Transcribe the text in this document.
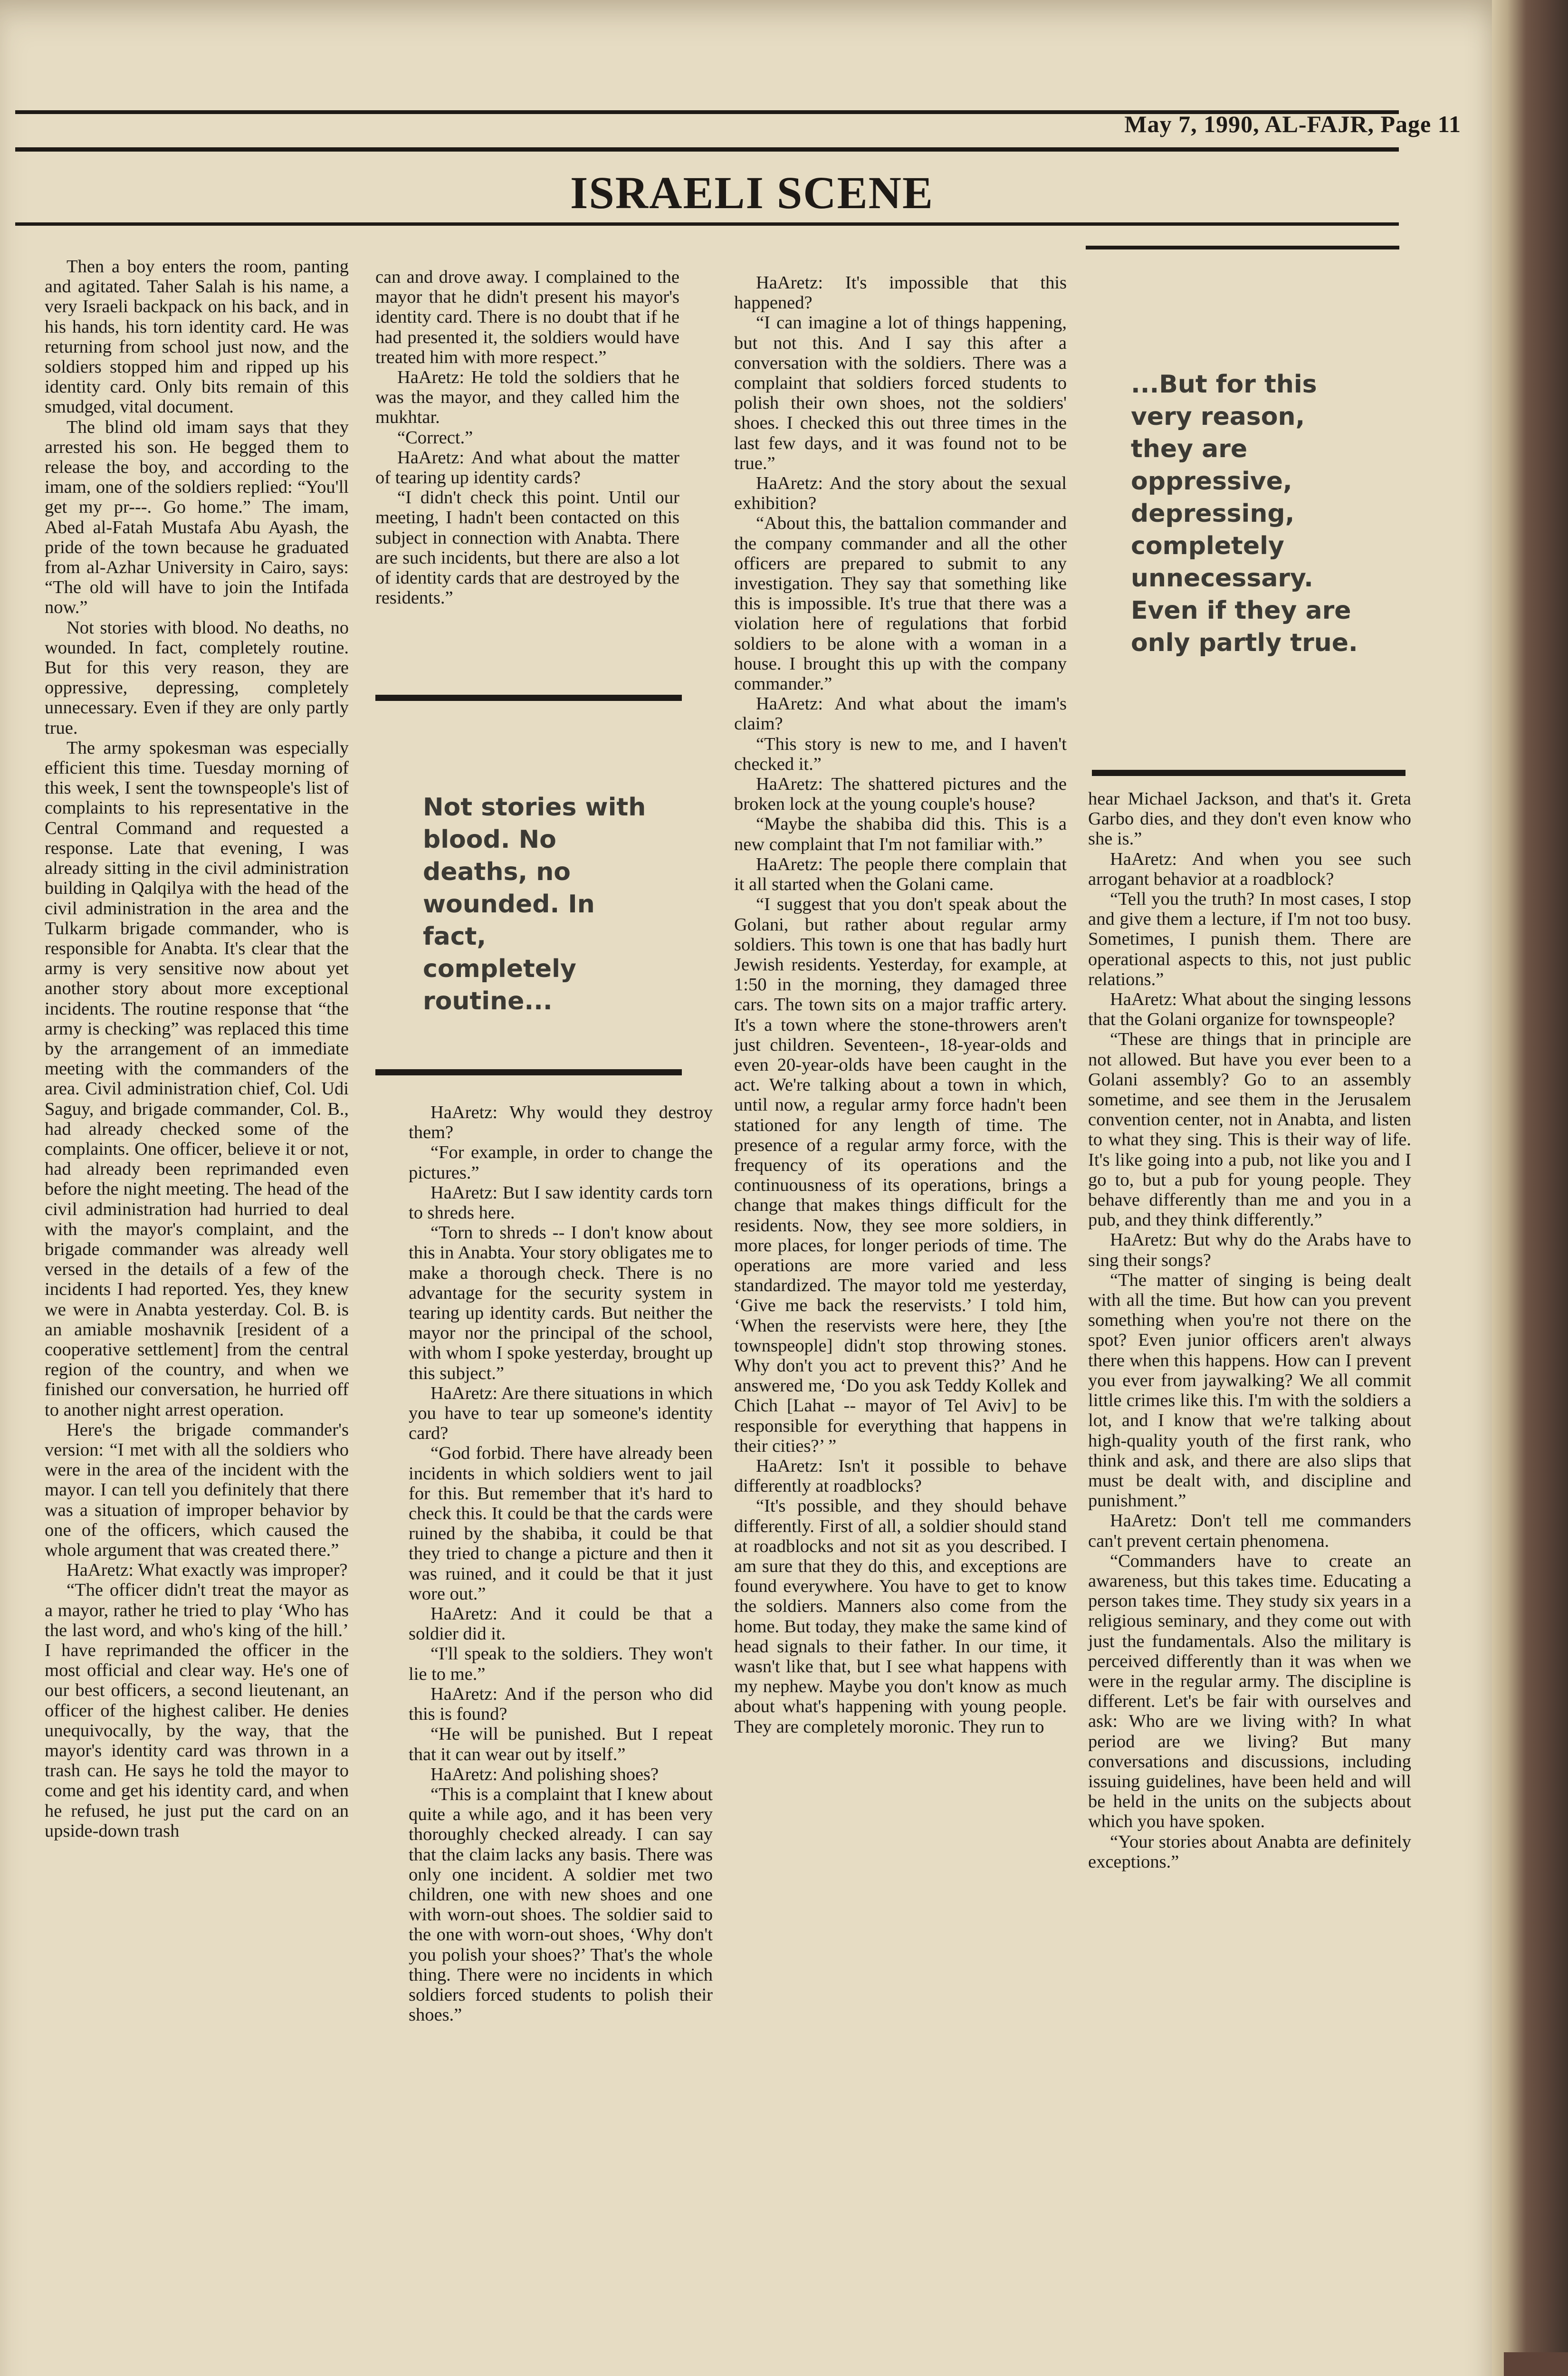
May 7, 1990, AL-FAJR, Page 11
ISRAELI SCENE

Then a boy enters the room, panting and agitated. Taher Salah is his name, a very Israeli backpack on his back, and in his hands, his torn identity card. He was returning from school just now, and the soldiers stopped him and ripped up his identity card. Only bits remain of this smudged, vital document.

The blind old imam says that they arrested his son. He begged them to release the boy, and according to the imam, one of the soldiers replied: “You'll get my pr---. Go home.” The imam, Abed al-Fatah Mustafa Abu Ayash, the pride of the town because he graduated from al-Azhar University in Cairo, says: “The old will have to join the Intifada now.”

Not stories with blood. No deaths, no wounded. In fact, completely routine. But for this very reason, they are oppressive, depressing, completely unnecessary. Even if they are only partly true.

The army spokesman was especially efficient this time. Tuesday morning of this week, I sent the townspeople's list of complaints to his representative in the Central Command and requested a response. Late that evening, I was already sitting in the civil administration building in Qalqilya with the head of the civil administration in the area and the Tulkarm brigade commander, who is responsible for Anabta. It's clear that the army is very sensitive now about yet another story about more exceptional incidents. The routine response that “the army is checking” was replaced this time by the arrangement of an immediate meeting with the commanders of the area. Civil administration chief, Col. Udi Saguy, and brigade commander, Col. B., had already checked some of the complaints. One officer, believe it or not, had already been reprimanded even before the night meeting. The head of the civil administration had hurried to deal with the mayor's complaint, and the brigade commander was already well versed in the details of a few of the incidents I had reported. Yes, they knew we were in Anabta yesterday. Col. B. is an amiable moshavnik [resident of a cooperative settlement] from the central region of the country, and when we finished our conversation, he hurried off to another night arrest operation.

Here's the brigade commander's version: “I met with all the soldiers who were in the area of the incident with the mayor. I can tell you definitely that there was a situation of improper behavior by one of the officers, which caused the whole argument that was created there.”

HaAretz: What exactly was improper?

“The officer didn't treat the mayor as a mayor, rather he tried to play ‘Who has the last word, and who's king of the hill.’ I have reprimanded the officer in the most official and clear way. He's one of our best officers, a second lieutenant, an officer of the highest caliber. He denies unequivocally, by the way, that the mayor's identity card was thrown in a trash can. He says he told the mayor to come and get his identity card, and when he refused, he just put the card on an upside-down trash

can and drove away. I complained to the mayor that he didn't present his mayor's identity card. There is no doubt that if he had presented it, the soldiers would have treated him with more respect.”

HaAretz: He told the soldiers that he was the mayor, and they called him the mukhtar.

“Correct.”

HaAretz: And what about the matter of tearing up identity cards?

“I didn't check this point. Until our meeting, I hadn't been contacted on this subject in connection with Anabta. There are such incidents, but there are also a lot of identity cards that are destroyed by the residents.”

Not stories with blood. No deaths, no wounded. In fact, completely routine...

HaAretz: Why would they destroy them?

“For example, in order to change the pictures.”

HaAretz: But I saw identity cards torn to shreds here.

“Torn to shreds -- I don't know about this in Anabta. Your story obligates me to make a thorough check. There is no advantage for the security system in tearing up identity cards. But neither the mayor nor the principal of the school, with whom I spoke yesterday, brought up this subject.”

HaAretz: Are there situations in which you have to tear up someone's identity card?

“God forbid. There have already been incidents in which soldiers went to jail for this. But remember that it's hard to check this. It could be that the cards were ruined by the shabiba, it could be that they tried to change a picture and then it was ruined, and it could be that it just wore out.”

HaAretz: And it could be that a soldier did it.

“I'll speak to the soldiers. They won't lie to me.”

HaAretz: And if the person who did this is found?

“He will be punished. But I repeat that it can wear out by itself.”

HaAretz: And polishing shoes?

“This is a complaint that I knew about quite a while ago, and it has been very thoroughly checked already. I can say that the claim lacks any basis. There was only one incident. A soldier met two children, one with new shoes and one with worn-out shoes. The soldier said to the one with worn-out shoes, ‘Why don't you polish your shoes?’ That's the whole thing. There were no incidents in which soldiers forced students to polish their shoes.”

HaAretz: It's impossible that this happened?

“I can imagine a lot of things happening, but not this. And I say this after a conversation with the soldiers. There was a complaint that soldiers forced students to polish their own shoes, not the soldiers' shoes. I checked this out three times in the last few days, and it was found not to be true.”

HaAretz: And the story about the sexual exhibition?

“About this, the battalion commander and the company commander and all the other officers are prepared to submit to any investigation. They say that something like this is impossible. It's true that there was a violation here of regulations that forbid soldiers to be alone with a woman in a house. I brought this up with the company commander.”

HaAretz: And what about the imam's claim?

“This story is new to me, and I haven't checked it.”

HaAretz: The shattered pictures and the broken lock at the young couple's house?

“Maybe the shabiba did this. This is a new complaint that I'm not familiar with.”

HaAretz: The people there complain that it all started when the Golani came.

“I suggest that you don't speak about the Golani, but rather about regular army soldiers. This town is one that has badly hurt Jewish residents. Yesterday, for example, at 1:50 in the morning, they damaged three cars. The town sits on a major traffic artery. It's a town where the stone-throwers aren't just children. Seventeen-, 18-year-olds and even 20-year-olds have been caught in the act. We're talking about a town in which, until now, a regular army force hadn't been stationed for any length of time. The presence of a regular army force, with the frequency of its operations and the continuousness of its operations, brings a change that makes things difficult for the residents. Now, they see more soldiers, in more places, for longer periods of time. The operations are more varied and less standardized. The mayor told me yesterday, ‘Give me back the reservists.’ I told him, ‘When the reservists were here, they [the townspeople] didn't stop throwing stones. Why don't you act to prevent this?’ And he answered me, ‘Do you ask Teddy Kollek and Chich [Lahat -- mayor of Tel Aviv] to be responsible for everything that happens in their cities?’ ”

HaAretz: Isn't it possible to behave differently at roadblocks?

“It's possible, and they should behave differently. First of all, a soldier should stand at roadblocks and not sit as you described. I am sure that they do this, and exceptions are found everywhere. You have to get to know the soldiers. Manners also come from the home. But today, they make the same kind of head signals to their father. In our time, it wasn't like that, but I see what happens with my nephew. Maybe you don't know as much about what's happening with young people. They are completely moronic. They run to

...But for this very reason, they are oppressive, depressing, completely unnecessary. Even if they are only partly true.

hear Michael Jackson, and that's it. Greta Garbo dies, and they don't even know who she is.”

HaAretz: And when you see such arrogant behavior at a roadblock?

“Tell you the truth? In most cases, I stop and give them a lecture, if I'm not too busy. Sometimes, I punish them. There are operational aspects to this, not just public relations.”

HaAretz: What about the singing lessons that the Golani organize for townspeople?

“These are things that in principle are not allowed. But have you ever been to a Golani assembly? Go to an assembly sometime, and see them in the Jerusalem convention center, not in Anabta, and listen to what they sing. This is their way of life. It's like going into a pub, not like you and I go to, but a pub for young people. They behave differently than me and you in a pub, and they think differently.”

HaAretz: But why do the Arabs have to sing their songs?

“The matter of singing is being dealt with all the time. But how can you prevent something when you're not there on the spot? Even junior officers aren't always there when this happens. How can I prevent you ever from jaywalking? We all commit little crimes like this. I'm with the soldiers a lot, and I know that we're talking about high-quality youth of the first rank, who think and ask, and there are also slips that must be dealt with, and discipline and punishment.”

HaAretz: Don't tell me commanders can't prevent certain phenomena.

“Commanders have to create an awareness, but this takes time. Educating a person takes time. They study six years in a religious seminary, and they come out with just the fundamentals. Also the military is perceived differently than it was when we were in the regular army. The discipline is different. Let's be fair with ourselves and ask: Who are we living with? In what period are we living? But many conversations and discussions, including issuing guidelines, have been held and will be held in the units on the subjects about which you have spoken.

“Your stories about Anabta are definitely exceptions.”
